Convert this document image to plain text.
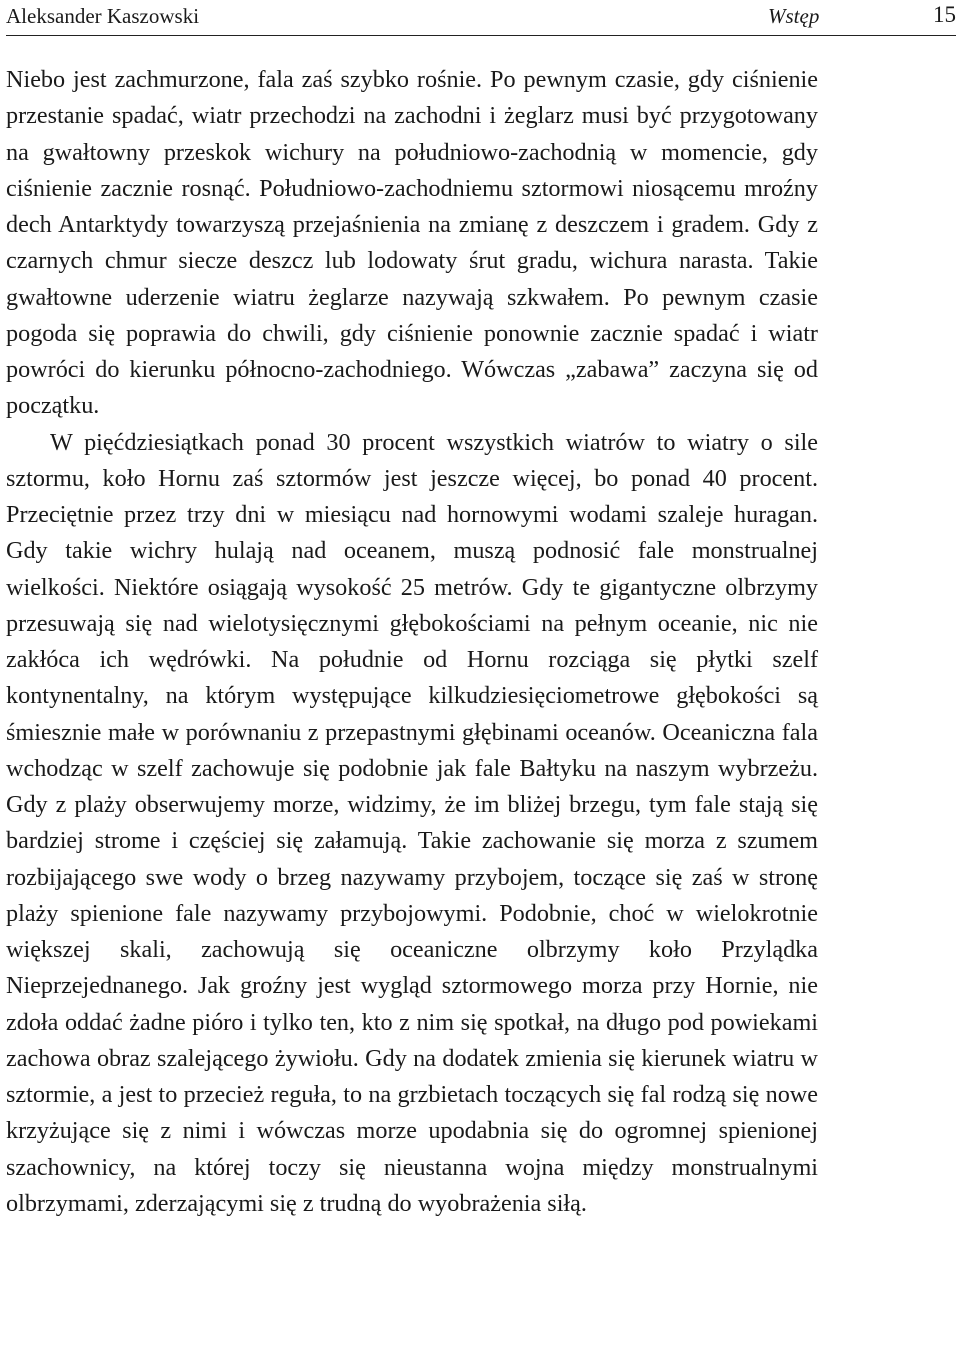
Aleksander Kaszowski	Wstęp	15

Niebo jest zachmurzone, fala zaś szybko rośnie. Po pewnym czasie, gdy ciśnienie przestanie spadać, wiatr przechodzi na zachodni i żeglarz musi być przygotowany na gwałtowny przeskok wichury na południowo-zachodnią w momencie, gdy ciśnienie zacznie rosnąć. Południowo-zachodniemu sztormowi niosącemu mroźny dech Antarktydy towarzyszą przejaśnienia na zmianę z deszczem i gradem. Gdy z czarnych chmur siecze deszcz lub lodowaty śrut gradu, wichura narasta. Takie gwałtowne uderzenie wiatru żeglarze nazywają szkwałem. Po pewnym czasie pogoda się poprawia do chwili, gdy ciśnienie ponownie zacznie spadać i wiatr powróci do kierunku północno-zachodniego. Wówczas „zabawa” zaczyna się od początku.

W pięćdziesiątkach ponad 30 procent wszystkich wiatrów to wiatry o sile sztormu, koło Hornu zaś sztormów jest jeszcze więcej, bo ponad 40 procent. Przeciętnie przez trzy dni w miesiącu nad hornowymi wodami szaleje huragan. Gdy takie wichry hulają nad oceanem, muszą podnosić fale monstrualnej wielkości. Niektóre osiągają wysokość 25 metrów. Gdy te gigantyczne olbrzymy przesuwają się nad wielotysięcznymi głębokościami na pełnym oceanie, nic nie zakłóca ich wędrówki. Na południe od Hornu rozciąga się płytki szelf kontynentalny, na którym występujące kilkudziesięciometrowe głębokości są śmiesznie małe w porównaniu z przepastnymi głębinami oceanów. Oceaniczna fala wchodząc w szelf zachowuje się podobnie jak fale Bałtyku na naszym wybrzeżu. Gdy z plaży obserwujemy morze, widzimy, że im bliżej brzegu, tym fale stają się bardziej strome i częściej się załamują. Takie zachowanie się morza z szumem rozbijającego swe wody o brzeg nazywamy przybojem, toczące się zaś w stronę plaży spienione fale nazywamy przybojowymi. Podobnie, choć w wielokrotnie większej skali, zachowują się oceaniczne olbrzymy koło Przylądka Nieprzejednanego. Jak groźny jest wygląd sztormowego morza przy Hornie, nie zdoła oddać żadne pióro i tylko ten, kto z nim się spotkał, na długo pod powiekami zachowa obraz szalejącego żywiołu. Gdy na dodatek zmienia się kierunek wiatru w sztormie, a jest to przecież reguła, to na grzbietach toczących się fal rodzą się nowe krzyżujące się z nimi i wówczas morze upodabnia się do ogromnej spienionej szachownicy, na której toczy się nieustanna wojna między monstrualnymi olbrzymami, zderzającymi się z trudną do wyobrażenia siłą.
